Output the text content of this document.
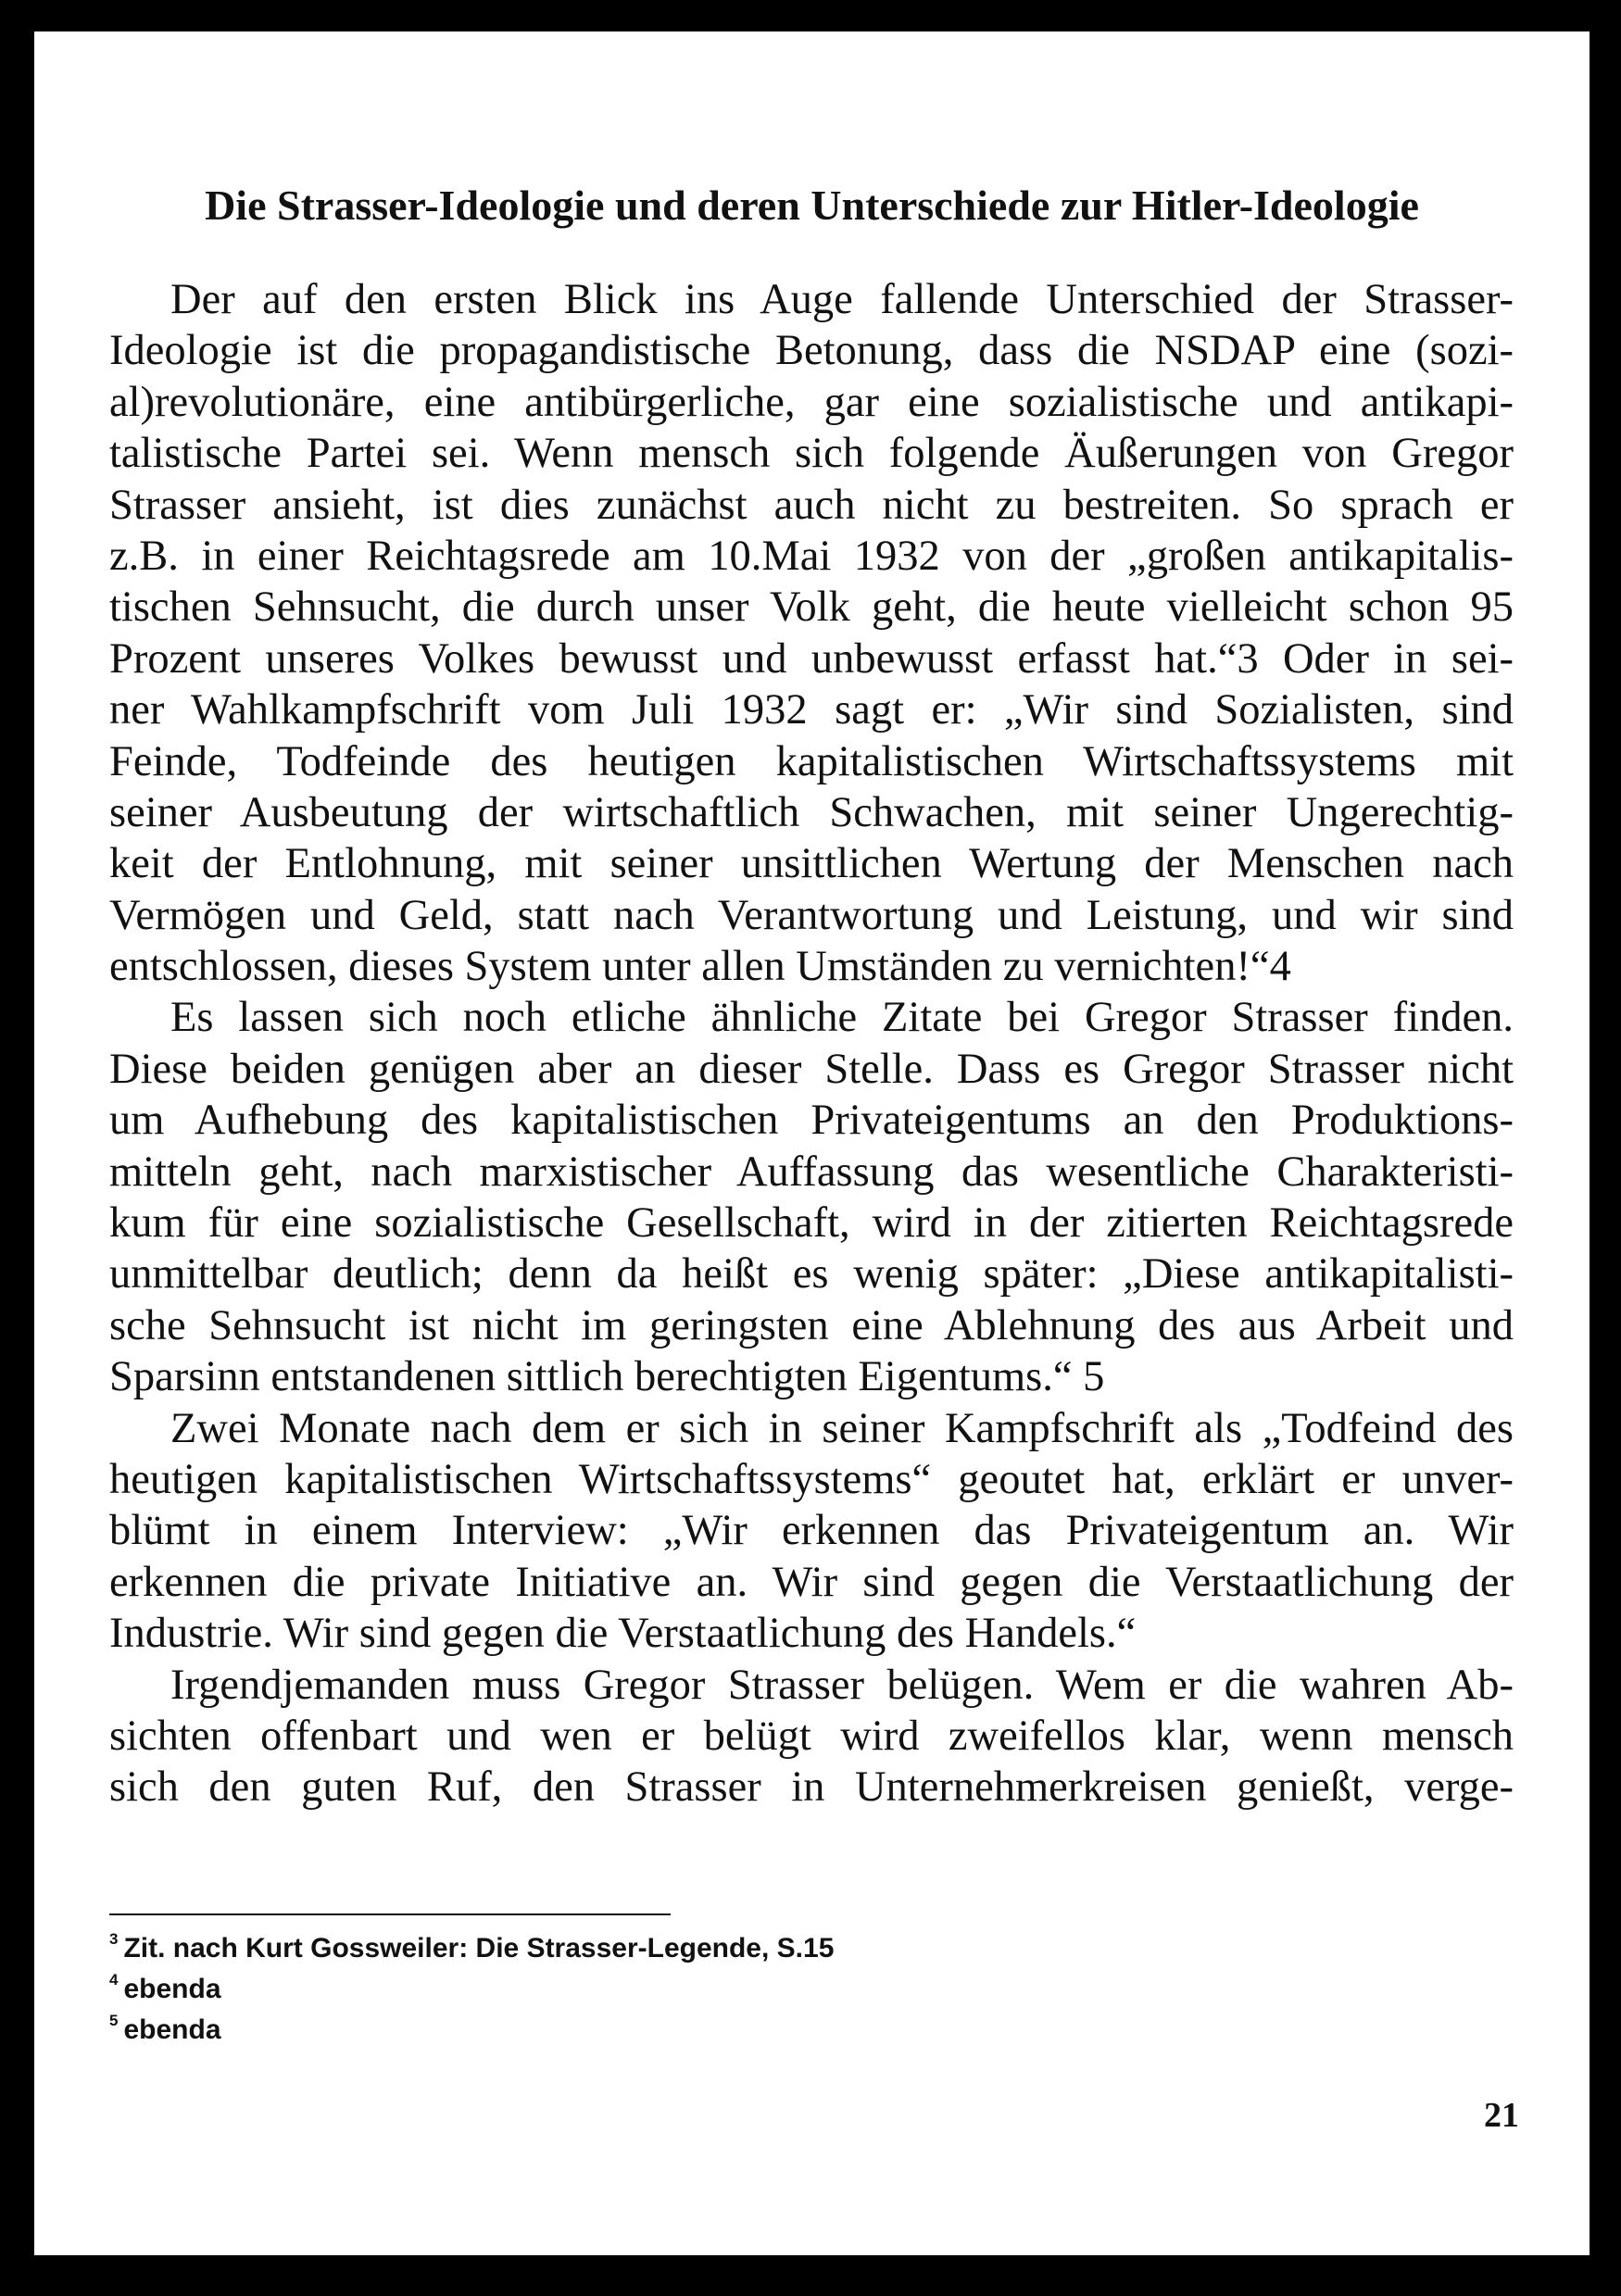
Die Strasser-Ideologie und deren Unterschiede zur Hitler-Ideologie
Der auf den ersten Blick ins Auge fallende Unterschied der Strasser-
Ideologie ist die propagandistische Betonung, dass die NSDAP eine (sozi-
al)revolutionäre, eine antibürgerliche, gar eine sozialistische und antikapi-
talistische Partei sei. Wenn mensch sich folgende Äußerungen von Gregor
Strasser ansieht, ist dies zunächst auch nicht zu bestreiten. So sprach er
z.B. in einer Reichtagsrede am 10.Mai 1932 von der „großen antikapitalis-
tischen Sehnsucht, die durch unser Volk geht, die heute vielleicht schon 95
Prozent unseres Volkes bewusst und unbewusst erfasst hat.“3 Oder in sei-
ner Wahlkampfschrift vom Juli 1932 sagt er: „Wir sind Sozialisten, sind
Feinde, Todfeinde des heutigen kapitalistischen Wirtschaftssystems mit
seiner Ausbeutung der wirtschaftlich Schwachen, mit seiner Ungerechtig-
keit der Entlohnung, mit seiner unsittlichen Wertung der Menschen nach
Vermögen und Geld, statt nach Verantwortung und Leistung, und wir sind
entschlossen, dieses System unter allen Umständen zu vernichten!“4
Es lassen sich noch etliche ähnliche Zitate bei Gregor Strasser finden.
Diese beiden genügen aber an dieser Stelle. Dass es Gregor Strasser nicht
um Aufhebung des kapitalistischen Privateigentums an den Produktions-
mitteln geht, nach marxistischer Auffassung das wesentliche Charakteristi-
kum für eine sozialistische Gesellschaft, wird in der zitierten Reichtagsrede
unmittelbar deutlich; denn da heißt es wenig später: „Diese antikapitalisti-
sche Sehnsucht ist nicht im geringsten eine Ablehnung des aus Arbeit und
Sparsinn entstandenen sittlich berechtigten Eigentums.“ 5
Zwei Monate nach dem er sich in seiner Kampfschrift als „Todfeind des
heutigen kapitalistischen Wirtschaftssystems“ geoutet hat, erklärt er unver-
blümt in einem Interview: „Wir erkennen das Privateigentum an. Wir
erkennen die private Initiative an. Wir sind gegen die Verstaatlichung der
Industrie. Wir sind gegen die Verstaatlichung des Handels.“
Irgendjemanden muss Gregor Strasser belügen. Wem er die wahren Ab-
sichten offenbart und wen er belügt wird zweifellos klar, wenn mensch
sich den guten Ruf, den Strasser in Unternehmerkreisen genießt, verge-
$^3$ Zit. nach Kurt Gossweiler: Die Strasser-Legende, S.15
$^4$ ebenda
$^5$ ebenda
21
